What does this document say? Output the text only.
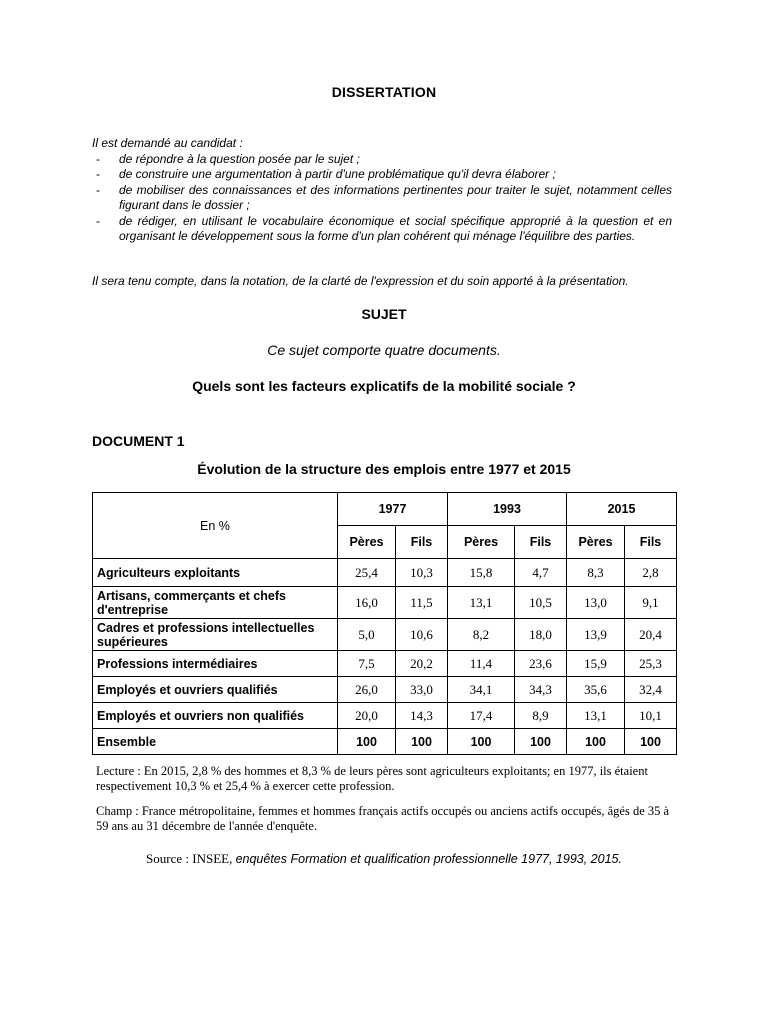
DISSERTATION

Il est demandé au candidat :

- de répondre à la question posée par le sujet ;
- de construire une argumentation à partir d'une problématique qu'il devra élaborer ;
- de mobiliser des connaissances et des informations pertinentes pour traiter le sujet, notamment celles figurant dans le dossier ;
- de rédiger, en utilisant le vocabulaire économique et social spécifique approprié à la question et en organisant le développement sous la forme d'un plan cohérent qui ménage l'équilibre des parties.
Il sera tenu compte, dans la notation, de la clarté de l'expression et du soin apporté à la présentation.
SUJET
Ce sujet comporte quatre documents.
Quels sont les facteurs explicatifs de la mobilité sociale ?
DOCUMENT 1
Évolution de la structure des emplois entre 1977 et 2015
En %	1977		1993		2015	
	Pères	Fils	Pères	Fils	Pères	Fils
Agriculteurs exploitants	25,4	10,3	15,8	4,7	8,3	2,8
Artisans, commerçants et chefs d'entreprise	16,0	11,5	13,1	10,5	13,0	9,1
Cadres et professions intellectuelles supérieures	5,0	10,6	8,2	18,0	13,9	20,4
Professions intermédiaires	7,5	20,2	11,4	23,6	15,9	25,3
Employés et ouvriers qualifiés	26,0	33,0	34,1	34,3	35,6	32,4
Employés et ouvriers non qualifiés	20,0	14,3	17,4	8,9	13,1	10,1
Ensemble	100	100	100	100	100	100
Lecture : En 2015, 2,8 % des hommes et 8,3 % de leurs pères sont agriculteurs exploitants; en 1977, ils étaient respectivement 10,3 % et 25,4 % à exercer cette profession.
Champ : France métropolitaine, femmes et hommes français actifs occupés ou anciens actifs occupés, âgés de 35 à 59 ans au 31 décembre de l'année d'enquête.
Source : INSEE, enquêtes Formation et qualification professionnelle 1977, 1993, 2015.
